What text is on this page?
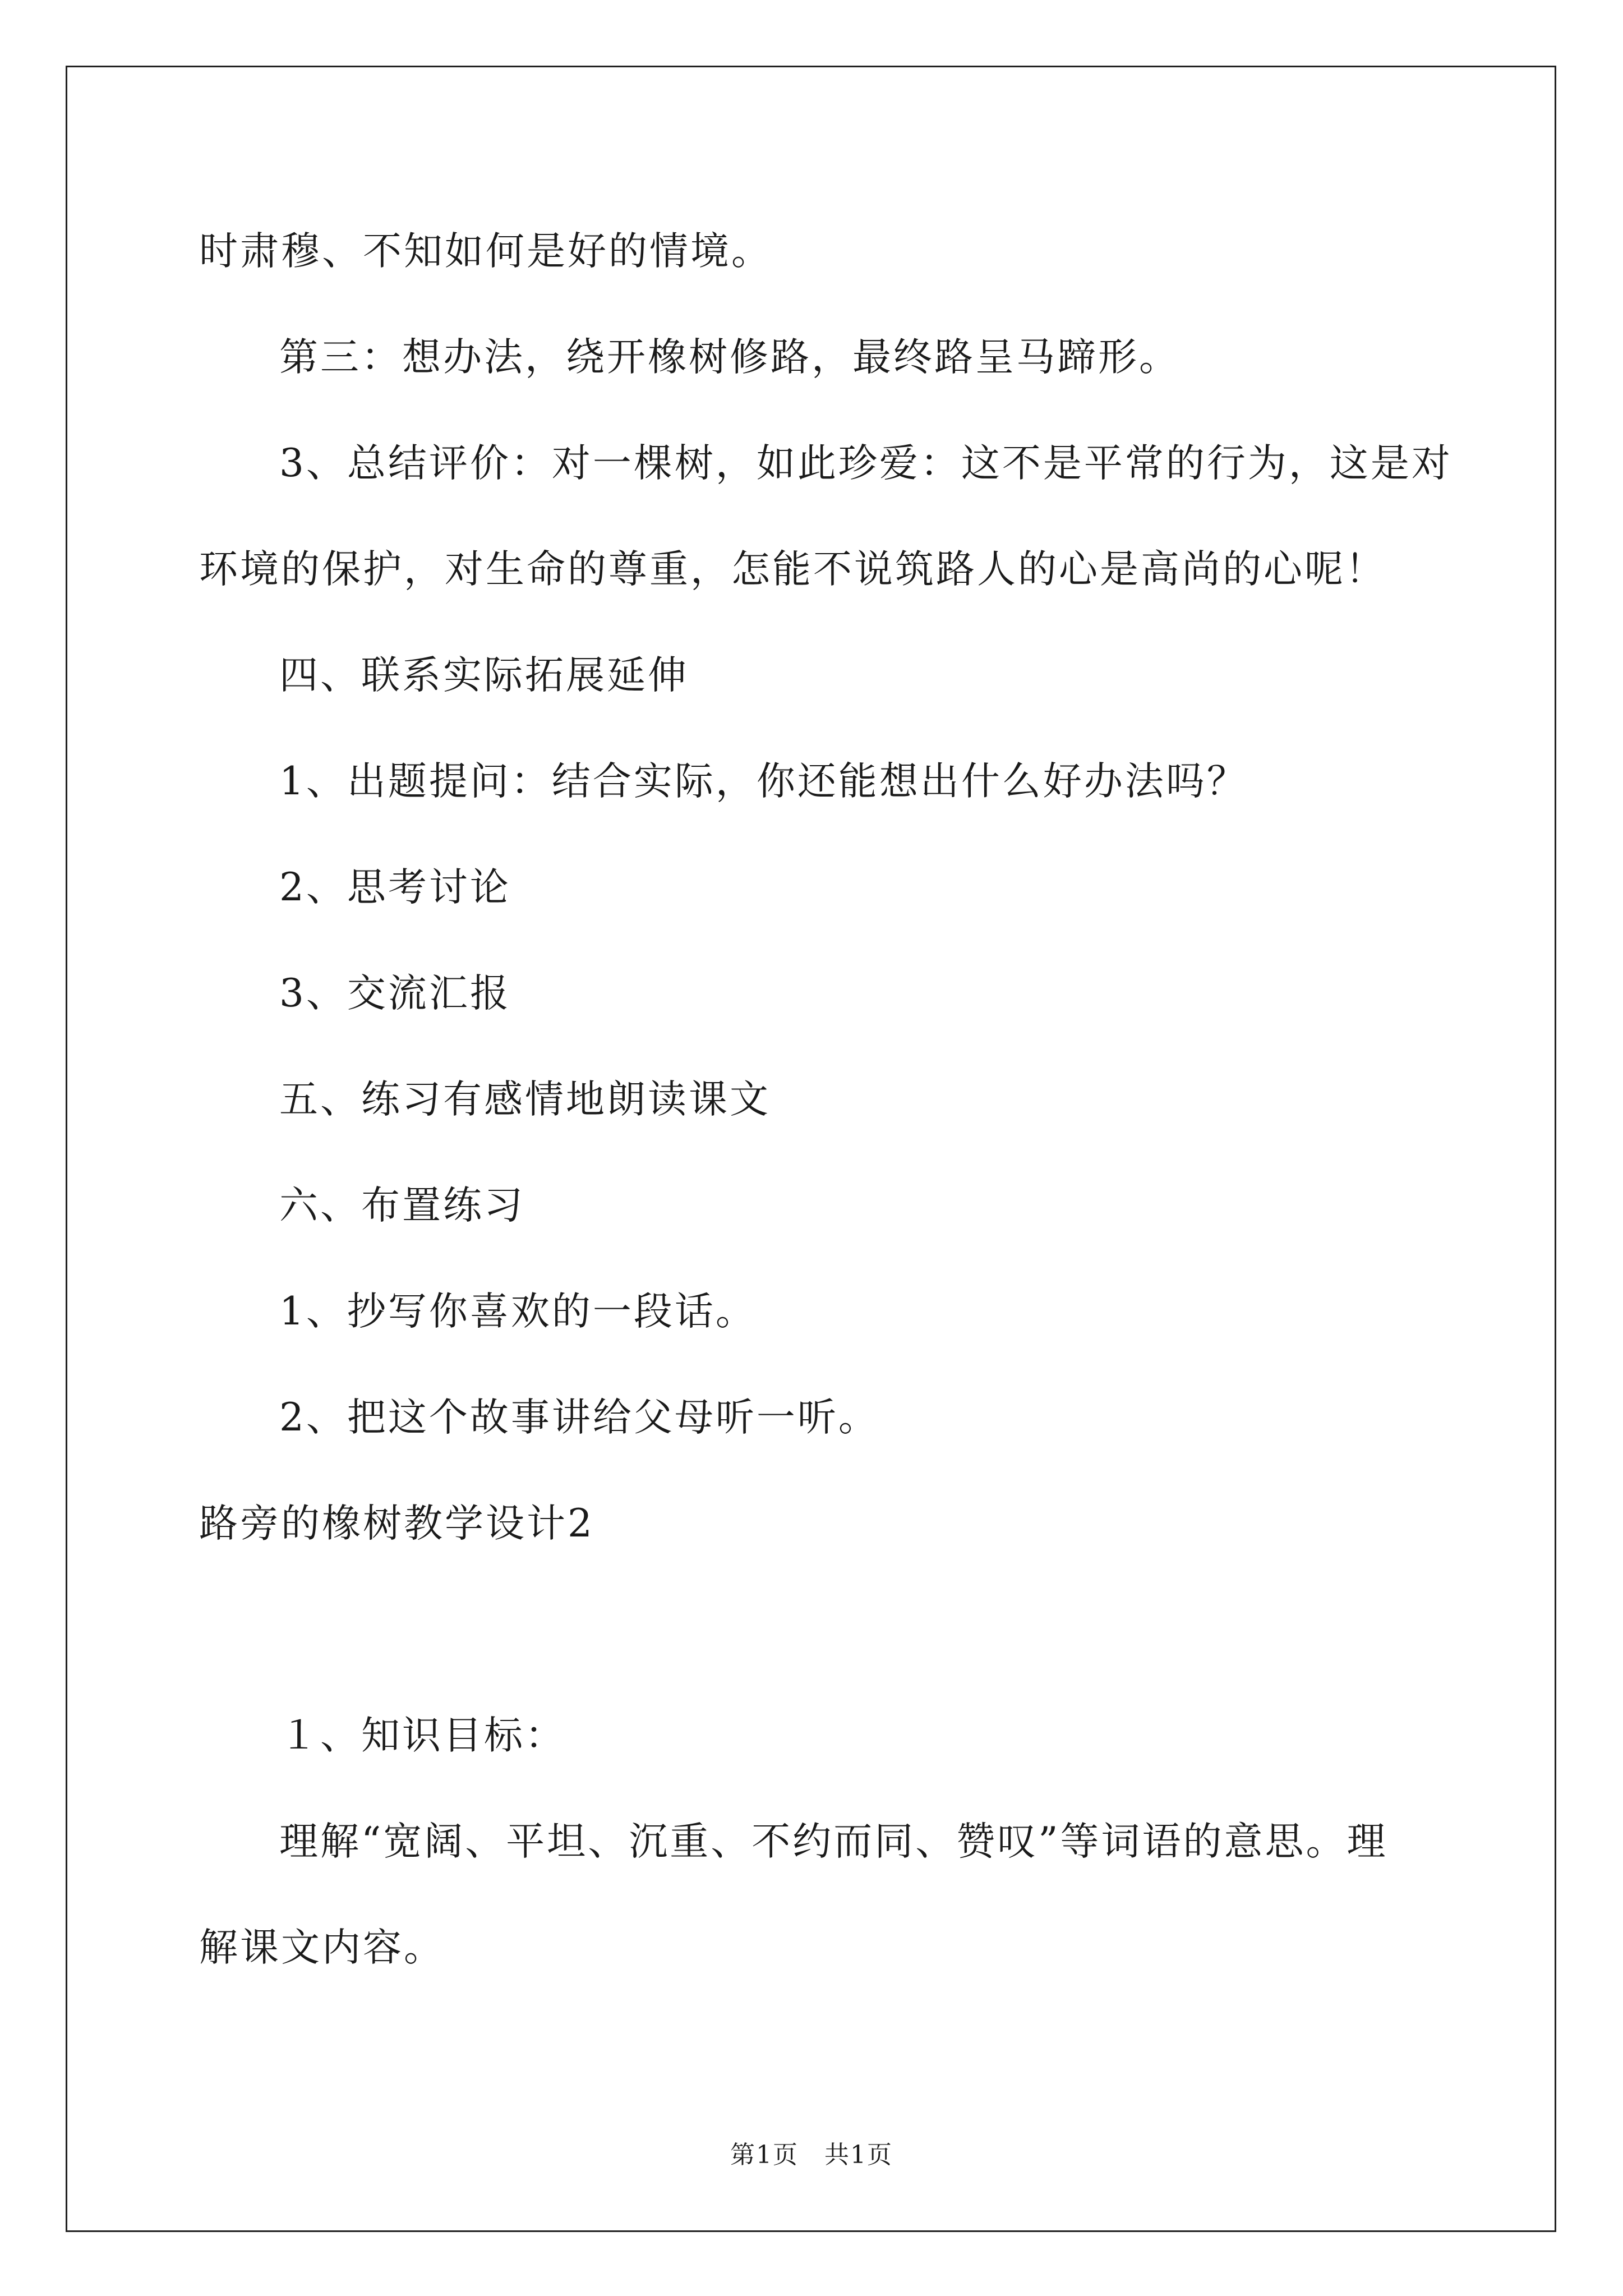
时肃穆、不知如何是好的情境。

第三：想办法，绕开橡树修路，最终路呈马蹄形。

3、总结评价：对一棵树，如此珍爱：这不是平常的行为，这是对

环境的保护，对生命的尊重，怎能不说筑路人的心是高尚的心呢！

四、联系实际拓展延伸

1、出题提问：结合实际，你还能想出什么好办法吗？

2、思考讨论

3、交流汇报

五、练习有感情地朗读课文

六、布置练习

1、抄写你喜欢的一段话。

2、把这个故事讲给父母听一听。

路旁的橡树教学设计2

１、知识目标：

理解“宽阔、平坦、沉重、不约而同、赞叹”等词语的意思。理

解课文内容。

第1页　共1页
